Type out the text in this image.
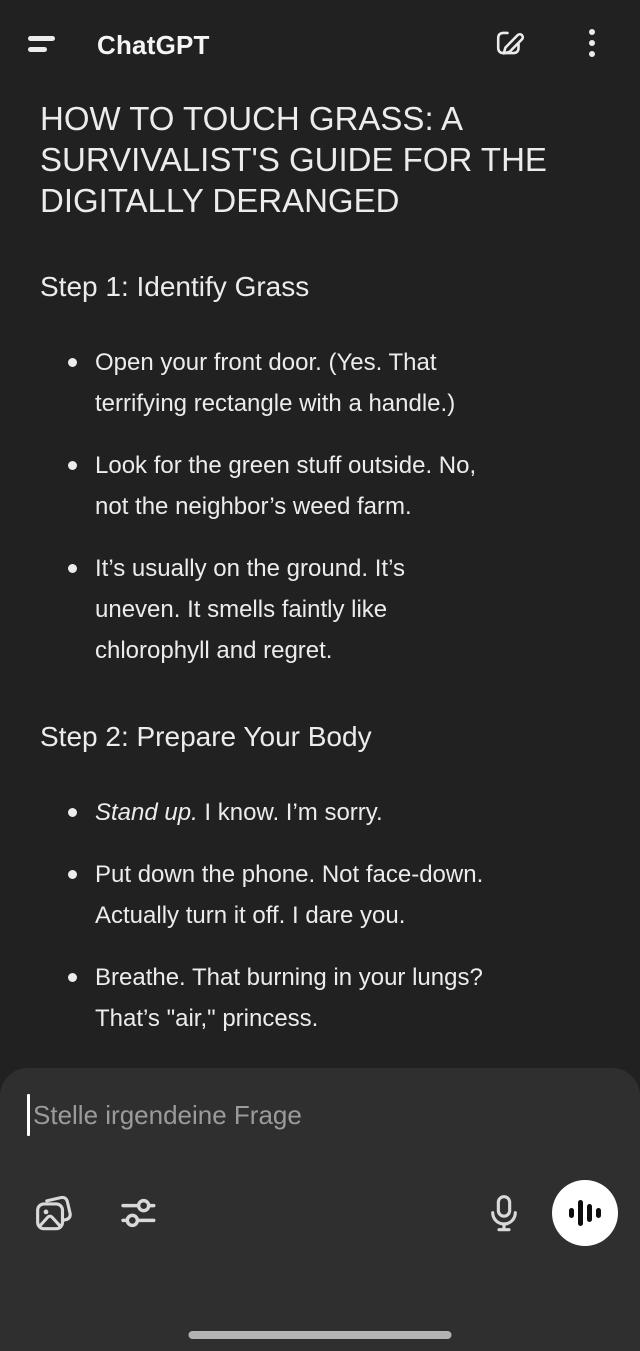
ChatGPT
HOW TO TOUCH GRASS: A
SURVIVALIST'S GUIDE FOR THE
DIGITALLY DERANGED
Step 1: Identify Grass
Open your front door. (Yes. That
terrifying rectangle with a handle.)
Look for the green stuff outside. No,
not the neighbor’s weed farm.
It’s usually on the ground. It’s
uneven. It smells faintly like
chlorophyll and regret.
Step 2: Prepare Your Body
Stand up. I know. I’m sorry.
Put down the phone. Not face-down.
Actually turn it off. I dare you.
Breathe. That burning in your lungs?
That’s "air," princess.
Stelle irgendeine Frage
